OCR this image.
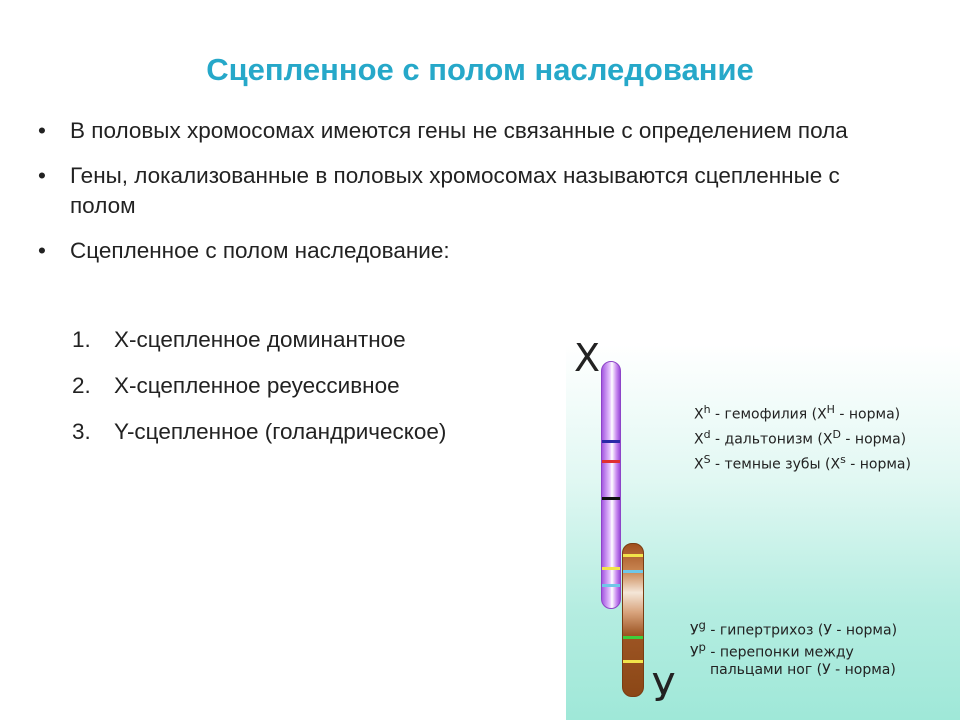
Сцепленное с полом наследование
• В половых хромосомах имеются гены не связанные с определением пола
• Гены, локализованные в половых хромосомах называются сцепленные с полом
• Сцепленное с полом наследование:
1.	Х-сцепленное доминантное
2.	Х-сцепленное реуессивное
3.	Y-сцепленное (голандрическое)
Х
У
$X^h$ - гемофилия ($X^H$ - норма)
$X^d$ - дальтонизм ($X^D$ - норма)
$X^S$ - темные зубы ($X^s$ - норма)
$У^g$ - гипертрихоз (У - норма)
$У^p$ - перепонки между
пальцами ног (У - норма)
